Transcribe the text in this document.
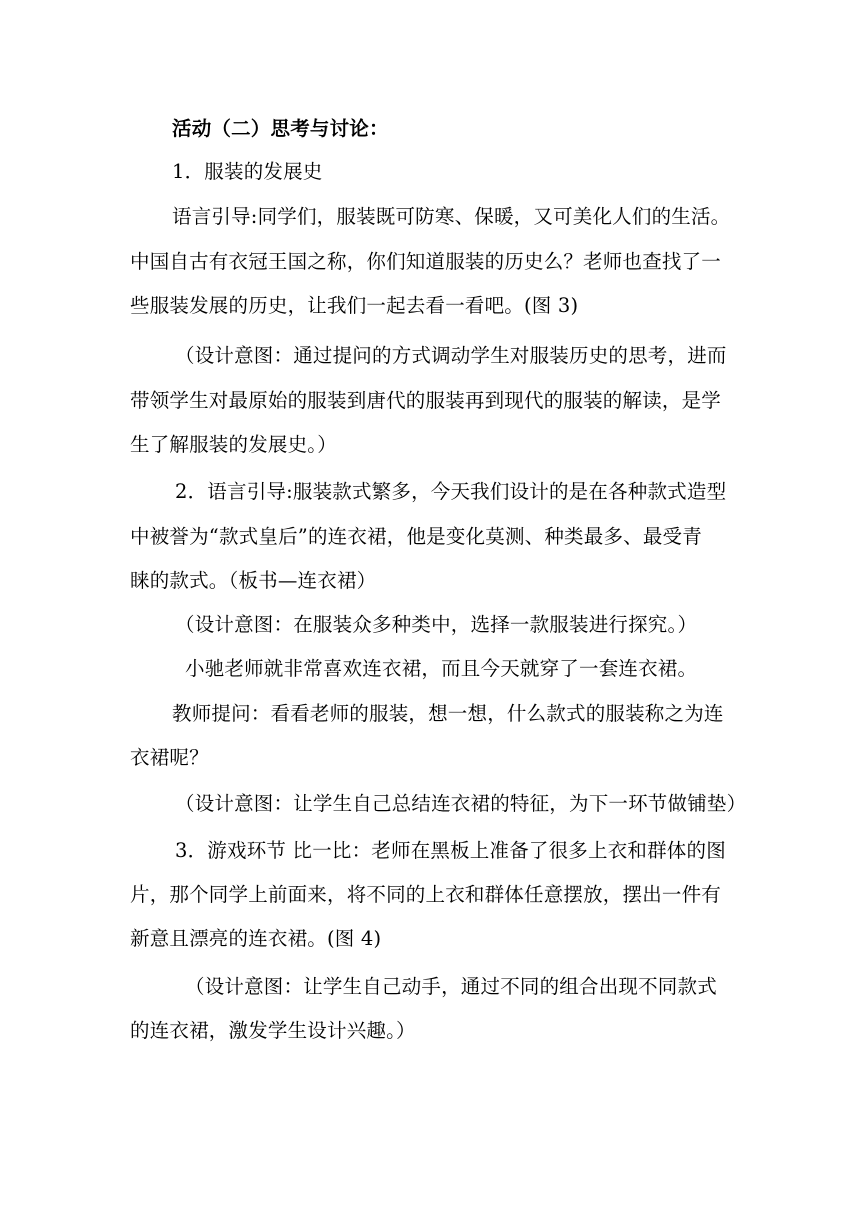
活动（二）思考与讨论：
1．服装的发展史
语言引导:同学们，服装既可防寒、保暖，又可美化人们的生活。
中国自古有衣冠王国之称，你们知道服装的历史么？老师也查找了一
些服装发展的历史，让我们一起去看一看吧。(图 3)
（设计意图：通过提问的方式调动学生对服装历史的思考，进而
带领学生对最原始的服装到唐代的服装再到现代的服装的解读，是学
生了解服装的发展史。）
2．语言引导:服装款式繁多，今天我们设计的是在各种款式造型
中被誉为“款式皇后”的连衣裙，他是变化莫测、种类最多、最受青
睐的款式。（板书—连衣裙）
（设计意图：在服装众多种类中，选择一款服装进行探究。）
小驰老师就非常喜欢连衣裙，而且今天就穿了一套连衣裙。
教师提问：看看老师的服装，想一想，什么款式的服装称之为连
衣裙呢？
（设计意图：让学生自己总结连衣裙的特征，为下一环节做铺垫）
3．游戏环节 比一比：老师在黑板上准备了很多上衣和群体的图
片，那个同学上前面来，将不同的上衣和群体任意摆放，摆出一件有
新意且漂亮的连衣裙。(图 4)
（设计意图：让学生自己动手，通过不同的组合出现不同款式
的连衣裙，激发学生设计兴趣。）
